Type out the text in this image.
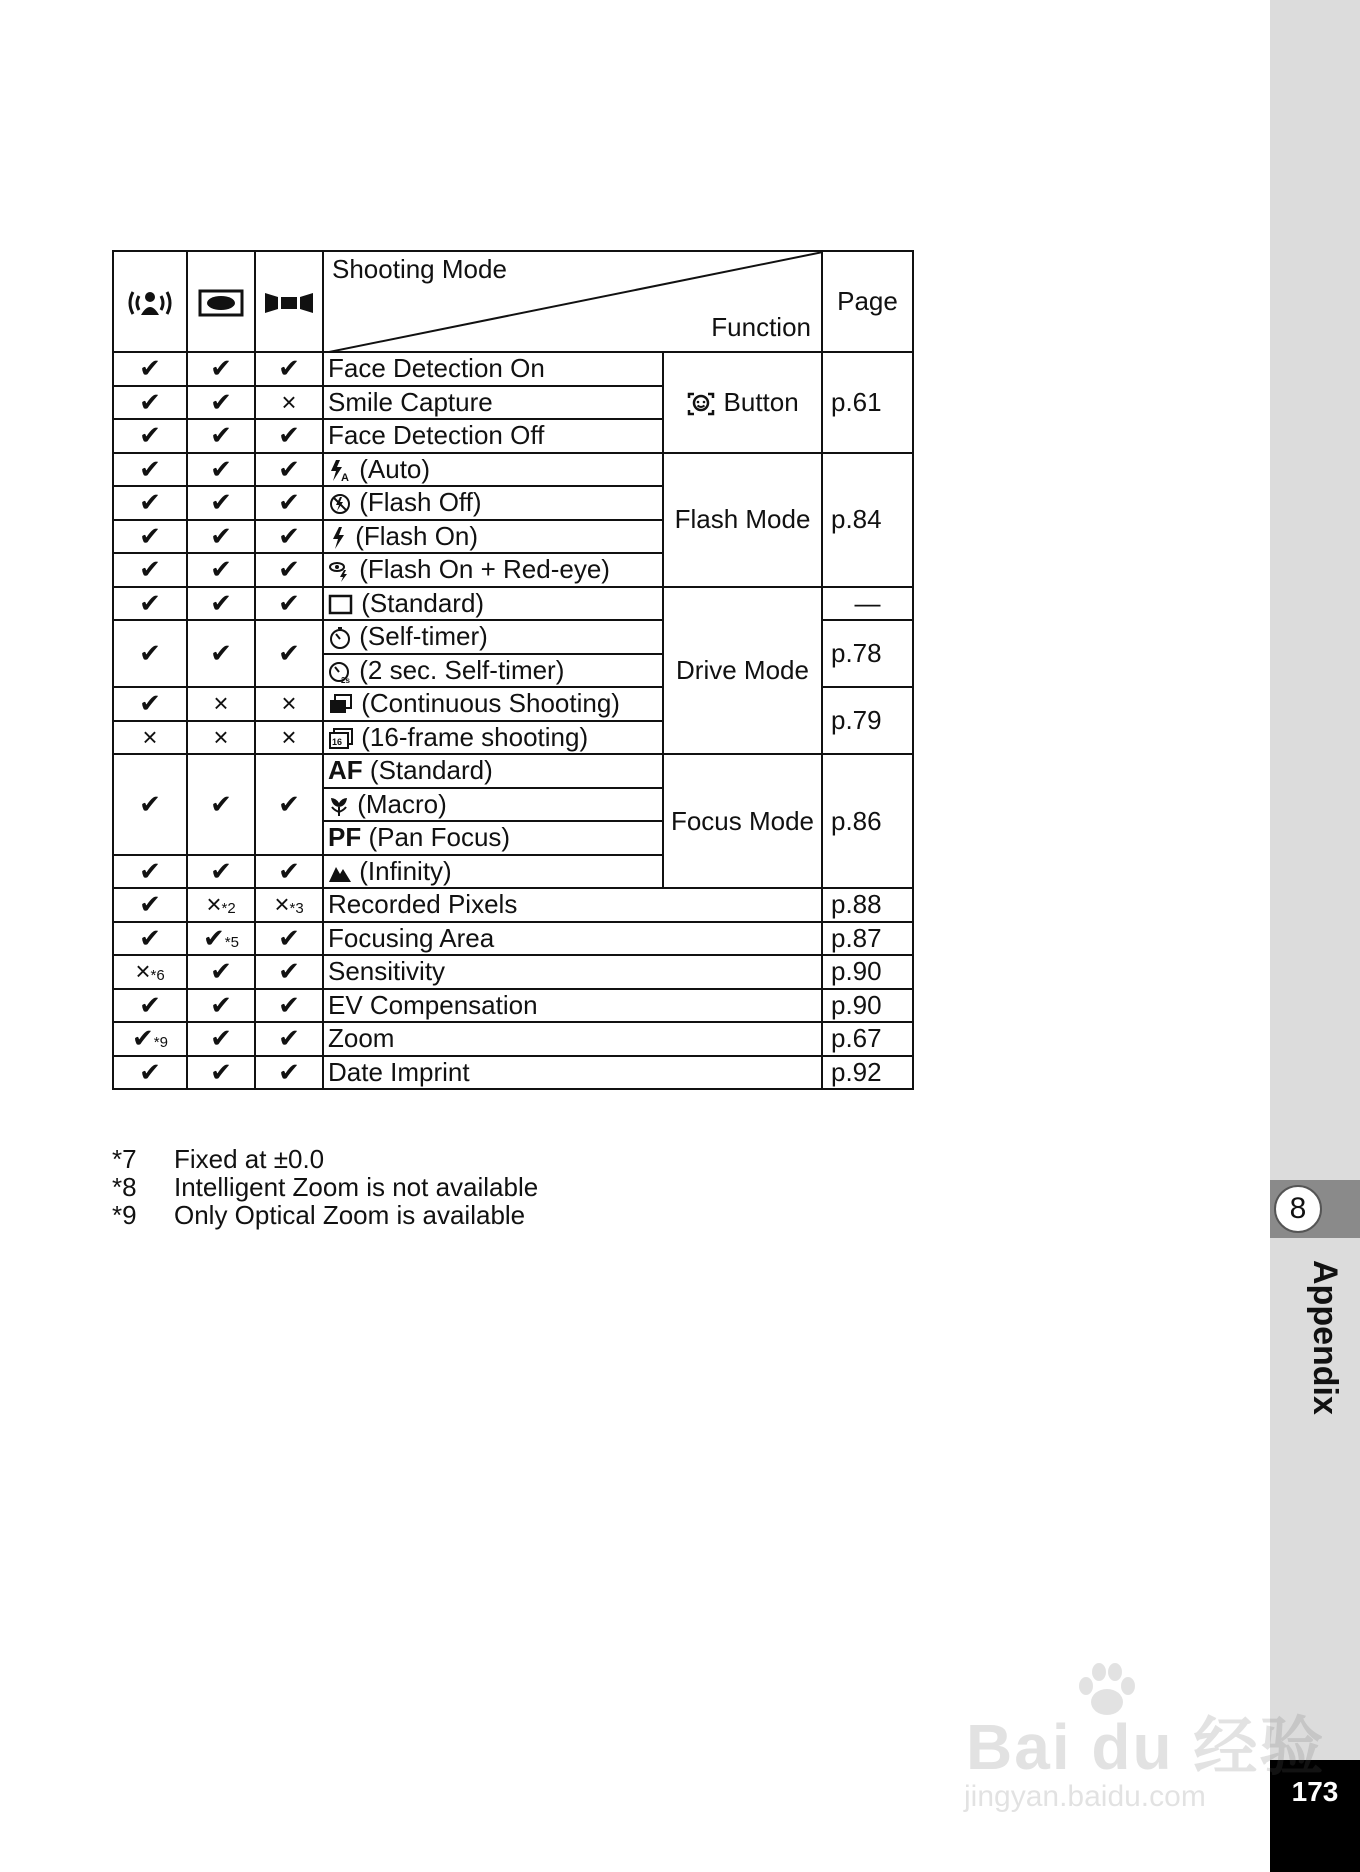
8
Appendix
173
Bai du 经验
jingyan.baidu.com

Shooting Mode
Function		Page
✔	✔	✔	Face Detection On	Button	p.61
✔	✔	×	Smile Capture		
✔	✔	✔	Face Detection Off		
✔	✔	✔	A (Auto)	Flash Mode	p.84
✔	✔	✔	(Flash Off)		
✔	✔	✔	(Flash On)		
✔	✔	✔	(Flash On + Red-eye)		
✔	✔	✔	(Standard)	Drive Mode	—
✔	✔	✔	(Self-timer)		p.78

2s (2 sec. Self-timer)		
✔	×	×	(Continuous Shooting)		p.79
×	×	×	16 (16-frame shooting)		
✔	✔	✔	AF (Standard)	Focus Mode	p.86
			(Macro)		
			PF (Pan Focus)		
✔	✔	✔	(Infinity)		
✔	×*2	×*3	Recorded Pixels		p.88
✔	✔*5	✔	Focusing Area		p.87
×*6	✔	✔	Sensitivity		p.90
✔	✔	✔	EV Compensation		p.90
✔*9	✔	✔	Zoom		p.67
✔	✔	✔	Date Imprint		p.92
*7 Fixed at ±0.0
*8 Intelligent Zoom is not available
*9 Only Optical Zoom is available
